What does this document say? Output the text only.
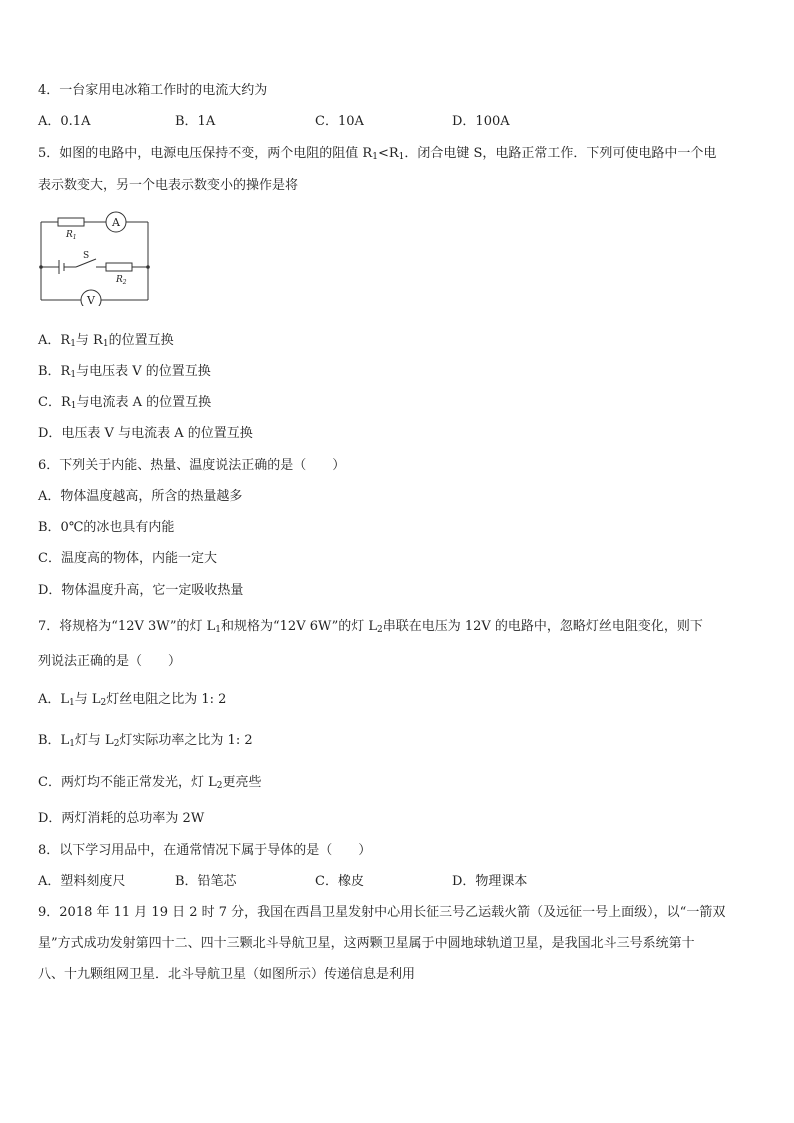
4．一台家用电冰箱工作时的电流大约为
A．0.1A	B．1A	C．10A	D．100A
5．如图的电路中，电源电压保持不变，两个电阻的阻值 $R_1<R_1$．闭合电键 S，电路正常工作．下列可使电路中一个电
表示数变大，另一个电表示数变小的操作是将
A
V
$R_1$
S
$R_2$
A．$R_1$与 $R_1$的位置互换
B．$R_1$与电压表 V 的位置互换
C．$R_1$与电流表 A 的位置互换
D．电压表 V 与电流表 A 的位置互换
6．下列关于内能、热量、温度说法正确的是（　　）
A．物体温度越高，所含的热量越多
B．0℃的冰也具有内能
C．温度高的物体，内能一定大
D．物体温度升高，它一定吸收热量
7．将规格为“12V 3W”的灯 $L_1$和规格为“12V 6W”的灯 $L_2$串联在电压为 12V 的电路中，忽略灯丝电阻变化，则下
列说法正确的是（　　）
A．$L_1$与 $L_2$灯丝电阻之比为 1: 2
B．$L_1$灯与 $L_2$灯实际功率之比为 1: 2
C．两灯均不能正常发光，灯 $L_2$更亮些
D．两灯消耗的总功率为 2W
8．以下学习用品中，在通常情况下属于导体的是（　　）
A．塑料刻度尺	B．铅笔芯	C．橡皮	D．物理课本
9．2018 年 11 月 19 日 2 时 7 分，我国在西昌卫星发射中心用长征三号乙运载火箭（及远征一号上面级），以“一箭双
星”方式成功发射第四十二、四十三颗北斗导航卫星，这两颗卫星属于中圆地球轨道卫星，是我国北斗三号系统第十
八、十九颗组网卫星．北斗导航卫星（如图所示）传递信息是利用
